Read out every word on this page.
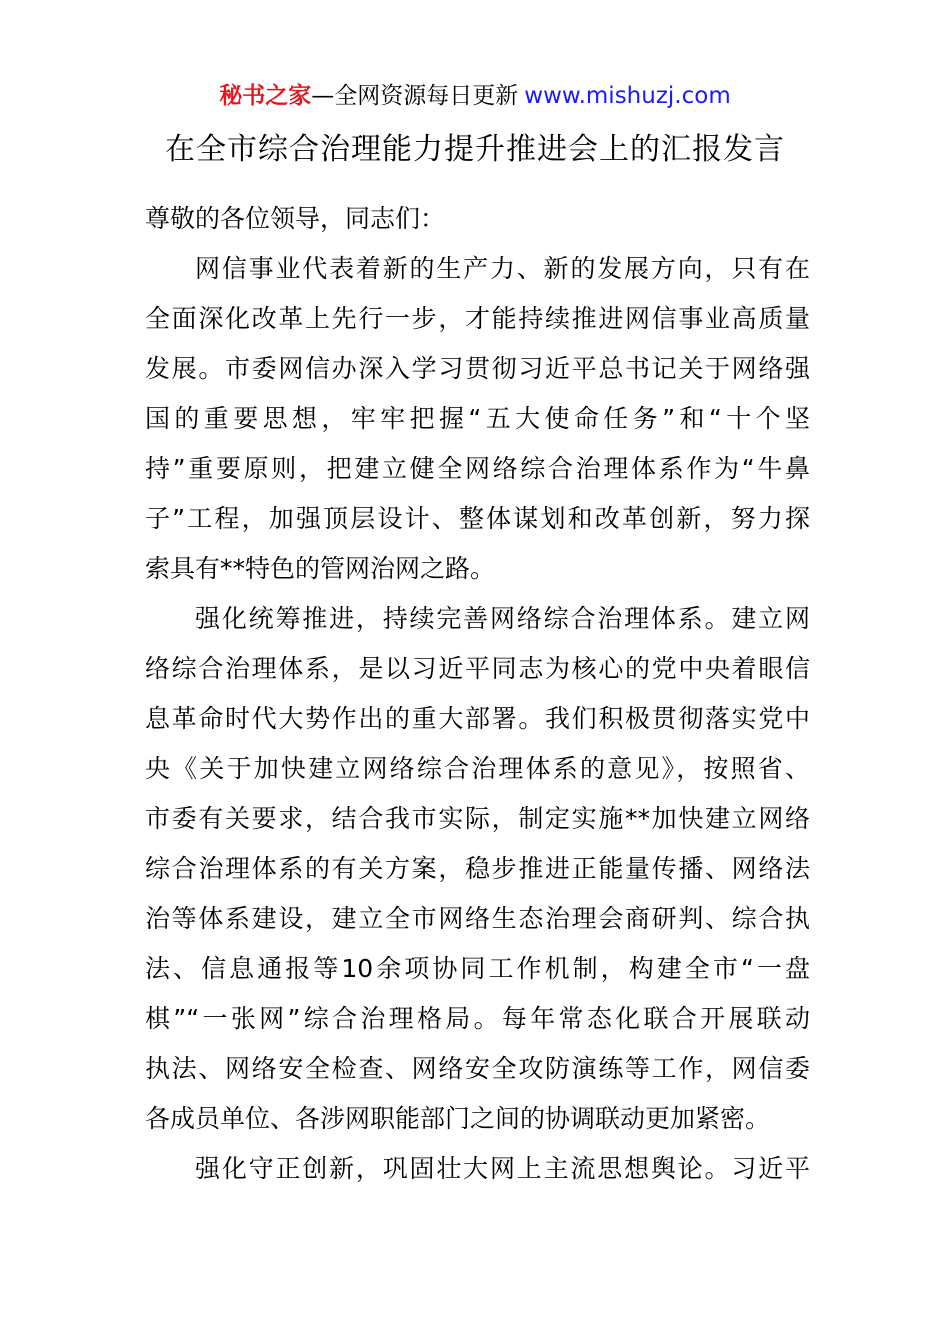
秘书之家—全网资源每日更新 www.mishuzj.com
在全市综合治理能力提升推进会上的汇报发言

尊敬的各位领导，同志们：

网信事业代表着新的生产力、新的发展方向，只有在
全面深化改革上先行一步，才能持续推进网信事业高质量
发展。市委网信办深入学习贯彻习近平总书记关于网络强
国的重要思想，牢牢把握“五大使命任务”和“十个坚
持”重要原则，把建立健全网络综合治理体系作为“牛鼻
子”工程，加强顶层设计、整体谋划和改革创新，努力探
索具有**特色的管网治网之路。

强化统筹推进，持续完善网络综合治理体系。建立网
络综合治理体系，是以习近平同志为核心的党中央着眼信
息革命时代大势作出的重大部署。我们积极贯彻落实党中
央《关于加快建立网络综合治理体系的意见》，按照省、
市委有关要求，结合我市实际，制定实施**加快建立网络
综合治理体系的有关方案，稳步推进正能量传播、网络法
治等体系建设，建立全市网络生态治理会商研判、综合执
法、信息通报等10余项协同工作机制，构建全市“一盘
棋”“一张网”综合治理格局。每年常态化联合开展联动
执法、网络安全检查、网络安全攻防演练等工作，网信委
各成员单位、各涉网职能部门之间的协调联动更加紧密。

强化守正创新，巩固壮大网上主流思想舆论。习近平
